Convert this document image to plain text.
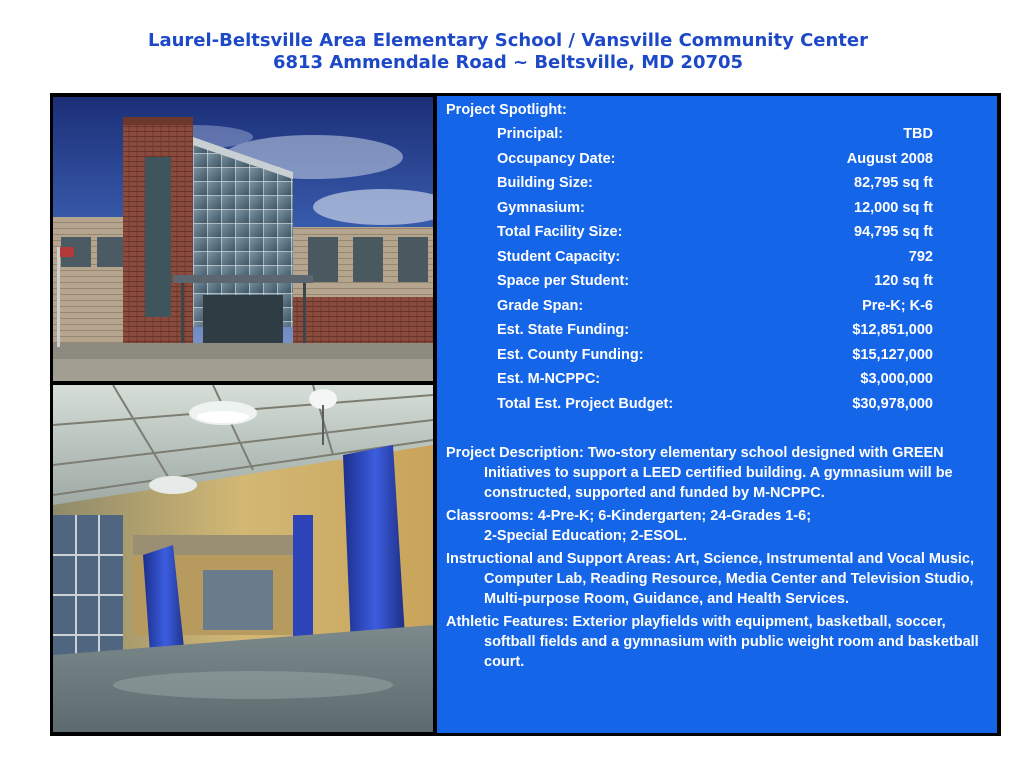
Laurel-Beltsville Area Elementary School / Vansville Community Center
6813 Ammendale Road ~ Beltsville, MD 20705
Project Spotlight:
Principal:	TBD
Occupancy Date:	August 2008
Building Size:	82,795 sq ft
Gymnasium:	12,000 sq ft
Total Facility Size:	94,795 sq ft
Student Capacity:	792
Space per Student:	120 sq ft
Grade Span:	Pre-K; K-6
Est. State Funding:	$12,851,000
Est. County Funding:	$15,127,000
Est. M-NCPPC:	$3,000,000
Total Est. Project Budget:	$30,978,000

Project Description: Two-story elementary school designed with GREEN Initiatives to support a LEED certified building. A gymnasium will be constructed, supported and funded by M-NCPPC.

Classrooms: 4-Pre-K; 6-Kindergarten; 24-Grades 1-6;
2-Special Education; 2-ESOL.

Instructional and Support Areas: Art, Science, Instrumental and Vocal Music, Computer Lab, Reading Resource, Media Center and Television Studio, Multi-purpose Room, Guidance, and Health Services.

Athletic Features: Exterior playfields with equipment, basketball, soccer, softball fields and a gymnasium with public weight room and basketball court.
